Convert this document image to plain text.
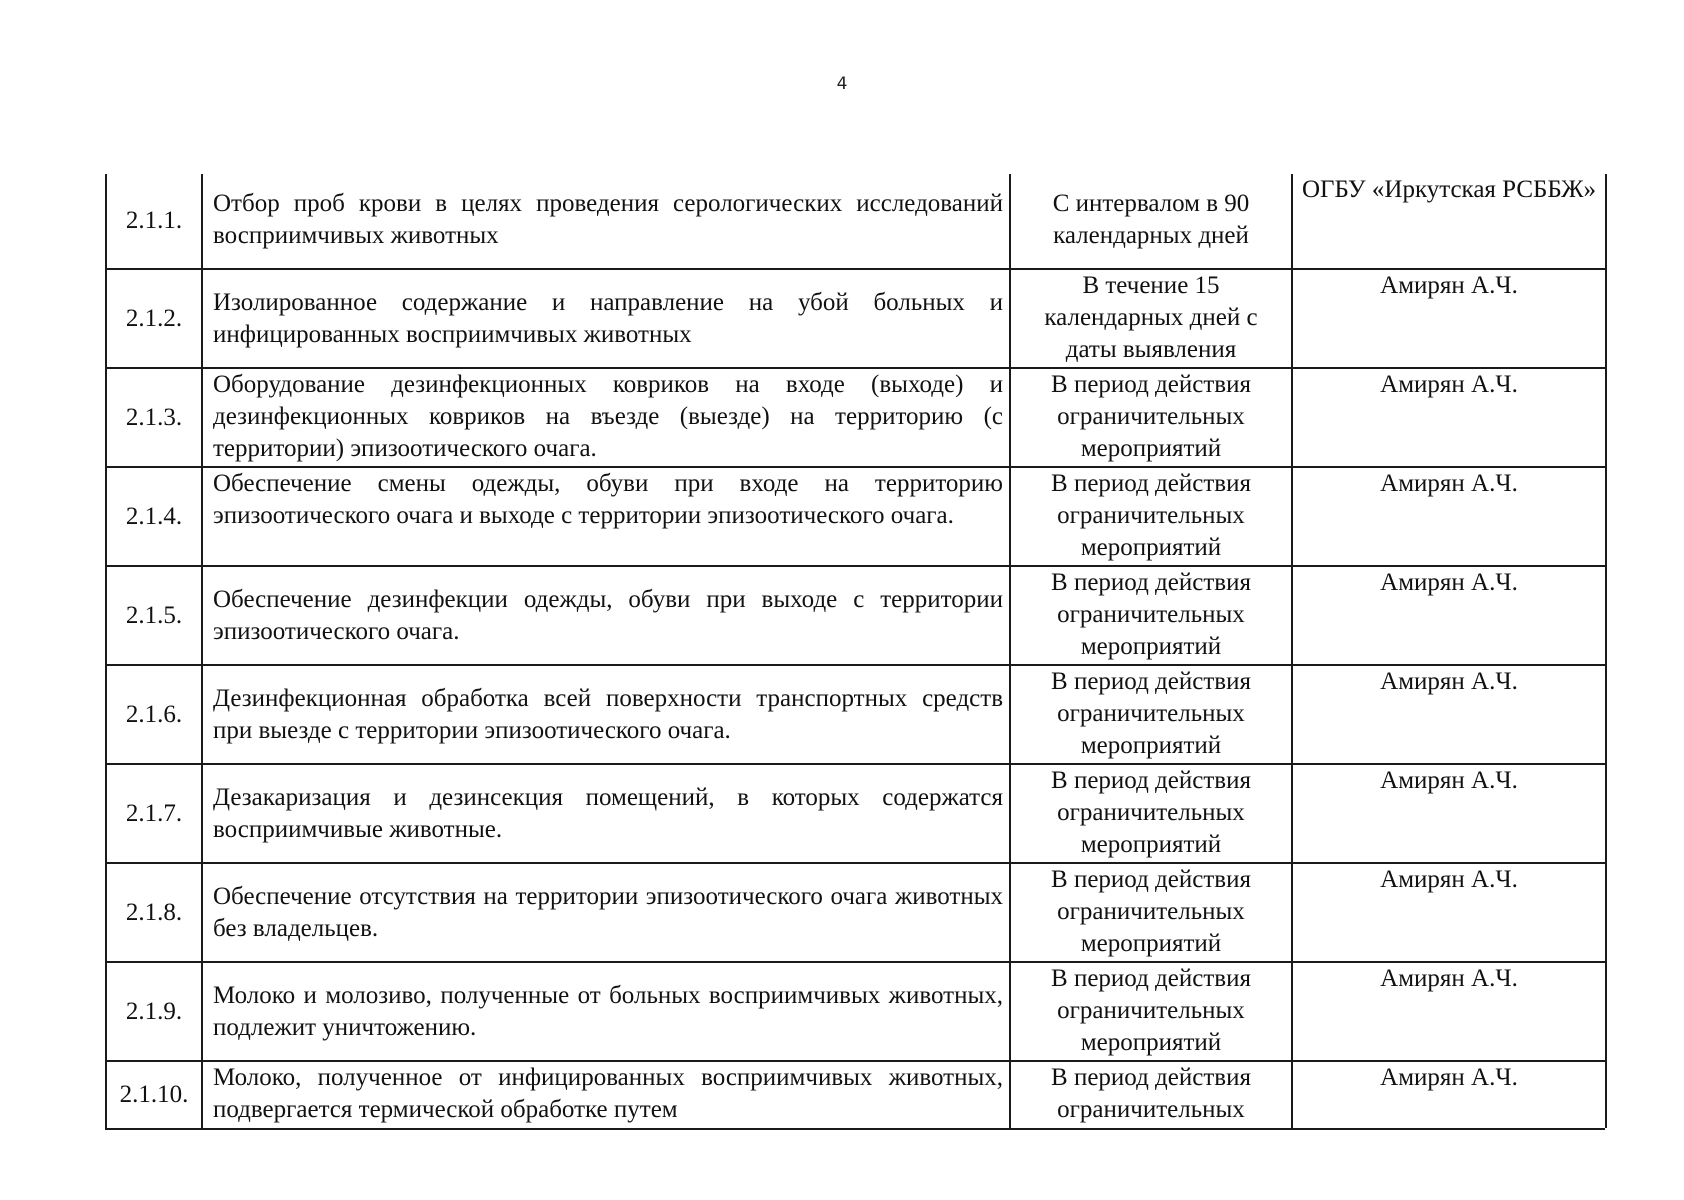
4
2.1.1.	Отбор проб крови в целях проведения серологических исследований восприимчивых животных	С интервалом в 90 календарных дней	ОГБУ «Иркутская РСББЖ»
2.1.2.	Изолированное содержание и направление на убой больных и инфицированных восприимчивых животных	В течение 15 календарных дней с даты выявления	Амирян А.Ч.
2.1.3.	Оборудование дезинфекционных ковриков на входе (выходе) и дезинфекционных ковриков на въезде (выезде) на территорию (с территории) эпизоотического очага.	В период действия ограничительных мероприятий	Амирян А.Ч.
2.1.4.	Обеспечение смены одежды, обуви при входе на территорию эпизоотического очага и выходе с территории эпизоотического очага.	В период действия ограничительных мероприятий	Амирян А.Ч.
2.1.5.	Обеспечение дезинфекции одежды, обуви при выходе с территории эпизоотического очага.	В период действия ограничительных мероприятий	Амирян А.Ч.
2.1.6.	Дезинфекционная обработка всей поверхности транспортных средств при выезде с территории эпизоотического очага.	В период действия ограничительных мероприятий	Амирян А.Ч.
2.1.7.	Дезакаризация и дезинсекция помещений, в которых содержатся восприимчивые животные.	В период действия ограничительных мероприятий	Амирян А.Ч.
2.1.8.	Обеспечение отсутствия на территории эпизоотического очага животных без владельцев.	В период действия ограничительных мероприятий	Амирян А.Ч.
2.1.9.	Молоко и молозиво, полученные от больных восприимчивых животных, подлежит уничтожению.	В период действия ограничительных мероприятий	Амирян А.Ч.
2.1.10.	Молоко, полученное от инфицированных восприимчивых животных, подвергается термической обработке путем	В период действия ограничительных	Амирян А.Ч.
